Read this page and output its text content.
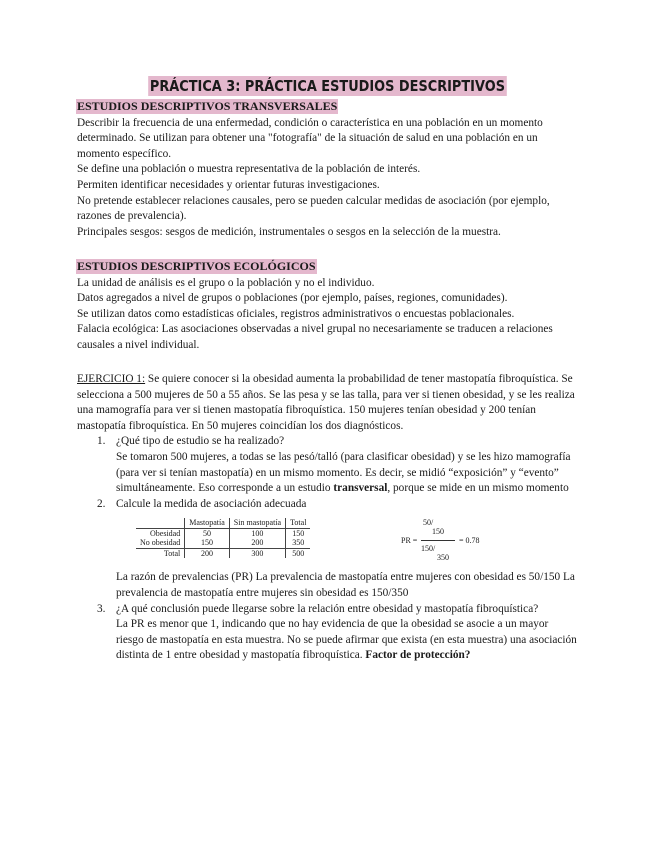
PRÁCTICA 3: PRÁCTICA ESTUDIOS DESCRIPTIVOS
ESTUDIOS DESCRIPTIVOS TRANSVERSALES

Describir la frecuencia de una enfermedad, condición o característica en una población en un momento determinado. Se utilizan para obtener una "fotografía" de la situación de salud en una población en un momento específico.

Se define una población o muestra representativa de la población de interés.

Permiten identificar necesidades y orientar futuras investigaciones.

No pretende establecer relaciones causales, pero se pueden calcular medidas de asociación (por ejemplo, razones de prevalencia).

Principales sesgos: sesgos de medición, instrumentales o sesgos en la selección de la muestra.

ESTUDIOS DESCRIPTIVOS ECOLÓGICOS

La unidad de análisis es el grupo o la población y no el individuo.

Datos agregados a nivel de grupos o poblaciones (por ejemplo, países, regiones, comunidades).

Se utilizan datos como estadísticas oficiales, registros administrativos o encuestas poblacionales.

Falacia ecológica: Las asociaciones observadas a nivel grupal no necesariamente se traducen a relaciones causales a nivel individual.

EJERCICIO 1: Se quiere conocer si la obesidad aumenta la probabilidad de tener mastopatía fibroquística. Se selecciona a 500 mujeres de 50 a 55 años. Se las pesa y se las talla, para ver si tienen obesidad, y se les realiza una mamografía para ver si tienen mastopatía fibroquística. 150 mujeres tenían obesidad y 200 tenían mastopatía fibroquística. En 50 mujeres coincidían los dos diagnósticos.

1. ¿Qué tipo de estudio se ha realizado?

Se tomaron 500 mujeres, a todas se las pesó/talló (para clasificar obesidad) y se les hizo mamografía (para ver si tenían mastopatía) en un mismo momento. Es decir, se midió “exposición” y “evento” simultáneamente. Eso corresponde a un estudio transversal, porque se mide en un mismo momento

2. Calcule la medida de asociación adecuada

	Mastopatía	Sin mastopatía	Total
Obesidad	50	100	150
No obesidad	150	200	350
Total	200	300	500
PR =
50/
150
150/
350
= 0.78

La razón de prevalencias (PR) La prevalencia de mastopatía entre mujeres con obesidad es 50/150 La prevalencia de mastopatía entre mujeres sin obesidad es 150/350

3. ¿A qué conclusión puede llegarse sobre la relación entre obesidad y mastopatía fibroquística?

La PR es menor que 1, indicando que no hay evidencia de que la obesidad se asocie a un mayor riesgo de mastopatía en esta muestra. No se puede afirmar que exista (en esta muestra) una asociación distinta de 1 entre obesidad y mastopatía fibroquística. Factor de protección?
